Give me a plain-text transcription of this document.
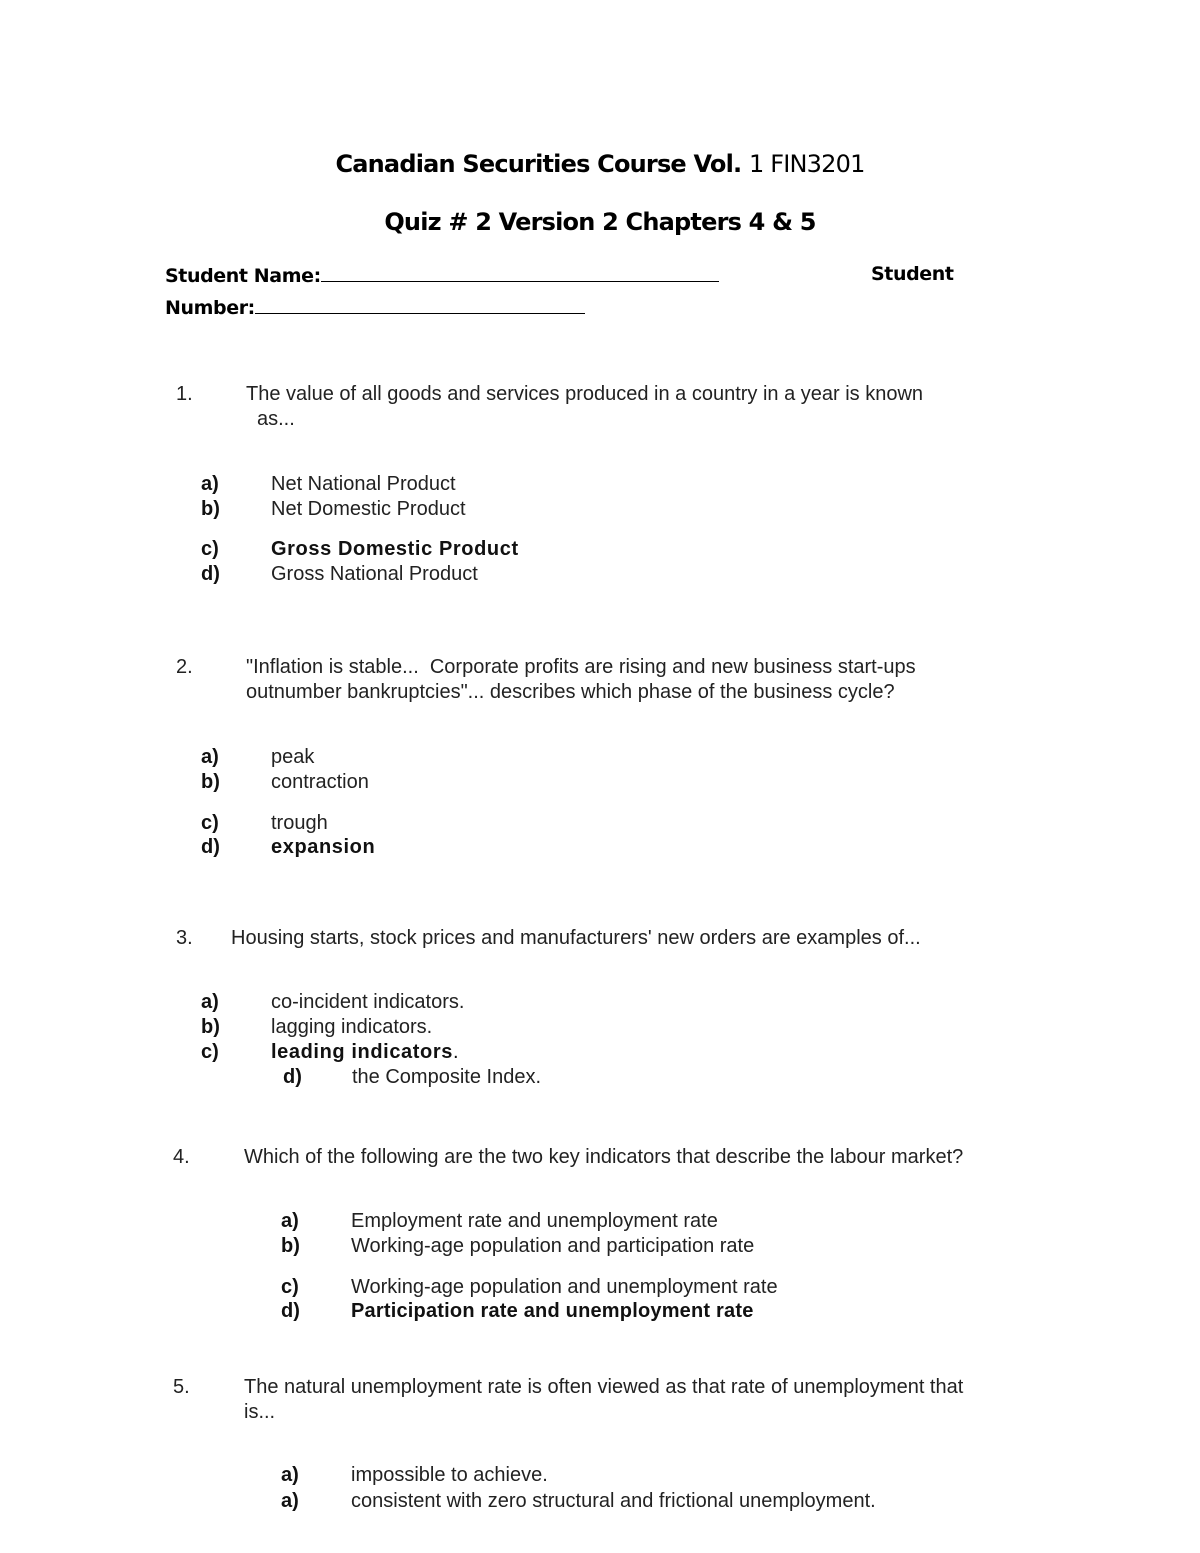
Canadian Securities Course Vol. 1 FIN3201
Quiz # 2 Version 2 Chapters 4 & 5
Student Name:	Student
Number:
1.	The value of all goods and services produced in a country in a year is known
as...
a)	Net National Product
b)	Net Domestic Product
c)	Gross Domestic Product
d)	Gross National Product
2.	"Inflation is stable...  Corporate profits are rising and new business start-ups
outnumber bankruptcies"... describes which phase of the business cycle?
a)	peak
b)	contraction
c)	trough
d)	expansion
3. Housing starts, stock prices and manufacturers' new orders are examples of...
a)	co-incident indicators.
b)	lagging indicators.
c)	leading indicators.
d)	the Composite Index.
4.	Which of the following are the two key indicators that describe the labour market?
a)	Employment rate and unemployment rate
b)	Working-age population and participation rate
c)	Working-age population and unemployment rate
d)	Participation rate and unemployment rate
5.	The natural unemployment rate is often viewed as that rate of unemployment that
is...
a)	impossible to achieve.
a)	consistent with zero structural and frictional unemployment.
